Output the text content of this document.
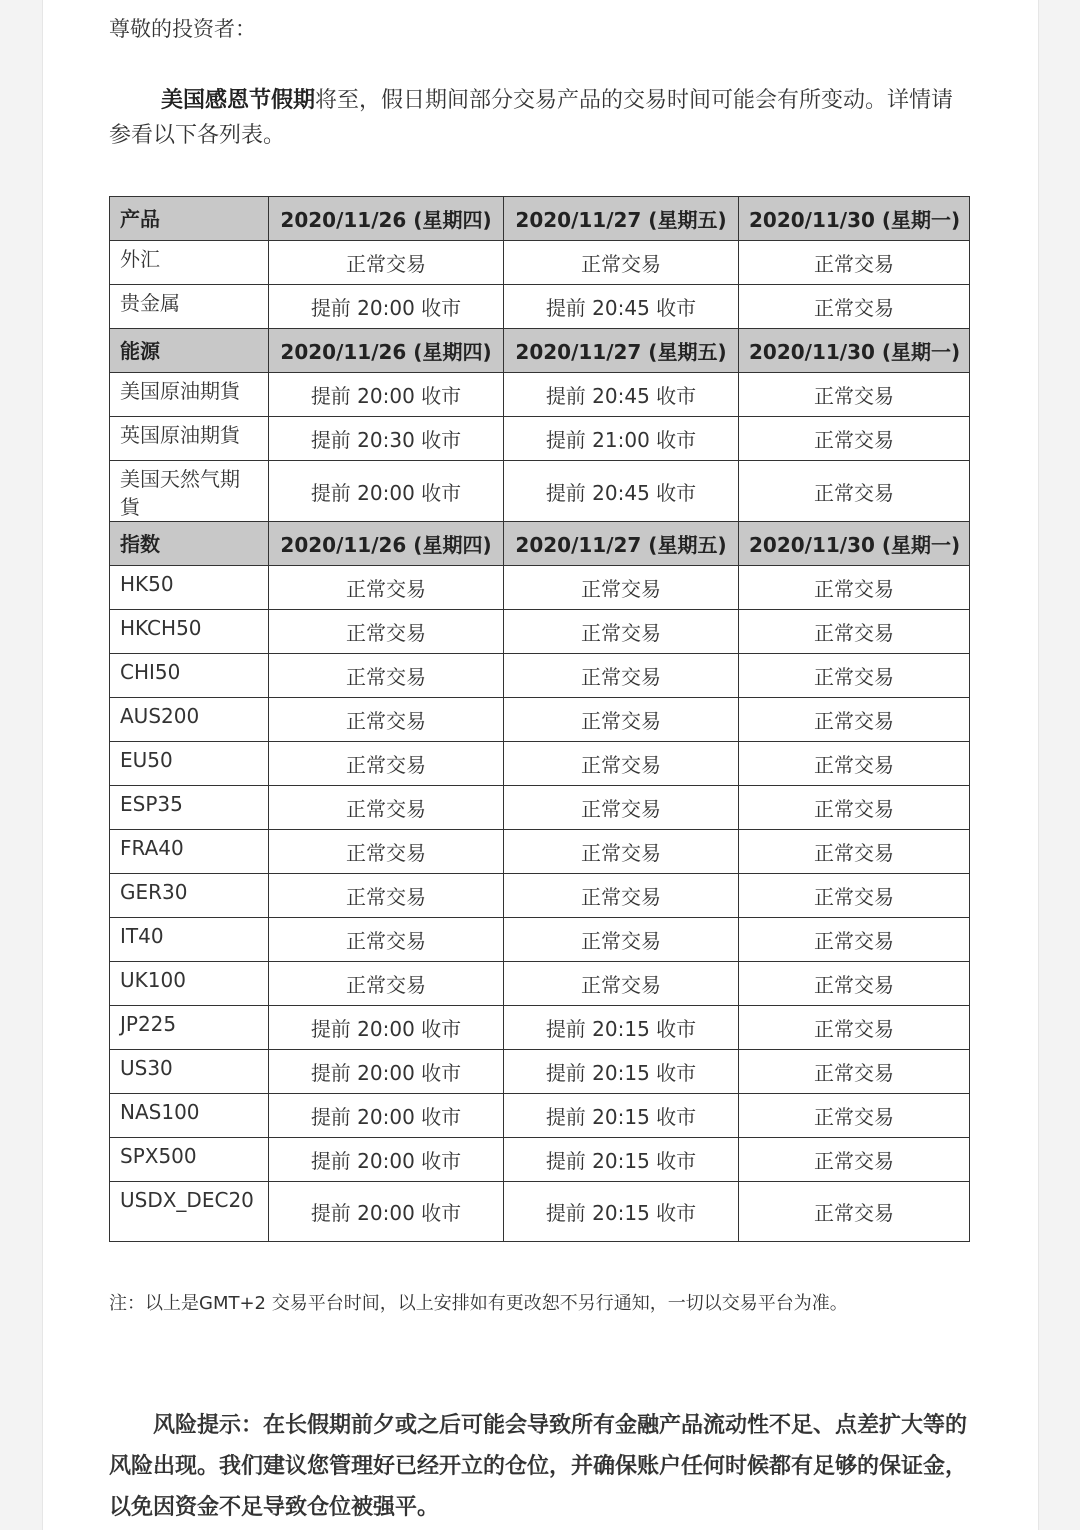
尊敬的投资者：
美国感恩节假期将至，假日期间部分交易产品的交易时间可能会有所变动。详情请参看以下各列表。
产品	2020/11/26 (星期四)	2020/11/27 (星期五)	2020/11/30 (星期一)
外汇	正常交易	正常交易	正常交易
贵金属	提前 20:00 收市	提前 20:45 收市	正常交易
能源	2020/11/26 (星期四)	2020/11/27 (星期五)	2020/11/30 (星期一)
美国原油期貨	提前 20:00 收市	提前 20:45 收市	正常交易
英国原油期貨	提前 20:30 收市	提前 21:00 收市	正常交易
美国天然气期貨	提前 20:00 收市	提前 20:45 收市	正常交易
指数	2020/11/26 (星期四)	2020/11/27 (星期五)	2020/11/30 (星期一)
HK50	正常交易	正常交易	正常交易
HKCH50	正常交易	正常交易	正常交易
CHI50	正常交易	正常交易	正常交易
AUS200	正常交易	正常交易	正常交易
EU50	正常交易	正常交易	正常交易
ESP35	正常交易	正常交易	正常交易
FRA40	正常交易	正常交易	正常交易
GER30	正常交易	正常交易	正常交易
IT40	正常交易	正常交易	正常交易
UK100	正常交易	正常交易	正常交易
JP225	提前 20:00 收市	提前 20:15 收市	正常交易
US30	提前 20:00 收市	提前 20:15 收市	正常交易
NAS100	提前 20:00 收市	提前 20:15 收市	正常交易
SPX500	提前 20:00 收市	提前 20:15 收市	正常交易
USDX_DEC20	提前 20:00 收市	提前 20:15 收市	正常交易
注：以上是GMT+2 交易平台时间，以上安排如有更改恕不另行通知，一切以交易平台为准。
风险提示：在长假期前夕或之后可能会导致所有金融产品流动性不足、点差扩大等的风险出现。我们建议您管理好已经开立的仓位，并确保账户任何时候都有足够的保证金，以免因资金不足导致仓位被强平。
